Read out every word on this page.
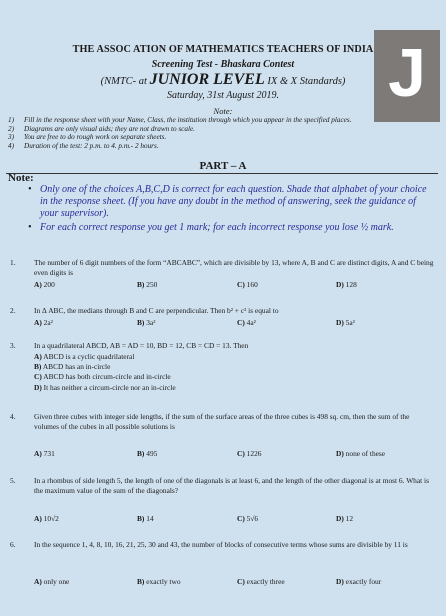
J
THE ASSOC ATION OF MATHEMATICS TEACHERS OF INDIA
Screening Test - Bhaskara Contest
(NMTC- at JUNIOR LEVEL IX & X Standards)
Saturday, 31st August 2019.
Note:
1)	Fill in the response sheet with your Name, Class, the institution through which you appear in the specified places.
2)	Diagrams are only visual aids; they are not drawn to scale.
3)	You are free to do rough work on separate sheets.
4)	Duration of the test: 2 p.m. to 4. p.m.- 2 hours.
PART – A
Note:
• Only one of the choices A,B,C,D is correct for each question. Shade that alphabet of your choice in the response sheet. (If you have any doubt in the method of answering, seek the guidance of your supervisor).
• For each correct response you get 1 mark; for each incorrect response you lose ½ mark.
1. The number of 6 digit numbers of the form “ABCABC”, which are divisible by 13, where A, B and C are distinct digits, A and C being even digits is
A) 200	B) 250	C) 160	D) 128
2. In Δ ABC, the medians through B and C are perpendicular. Then b² + c² is equal to
A) 2a²	B) 3a²	C) 4a²	D) 5a²
3. In a quadrilateral ABCD, AB = AD = 10, BD = 12, CB = CD = 13. Then
A) ABCD is a cyclic quadrilateral
B) ABCD has an in-circle
C) ABCD has both circum-circle and in-circle
D) It has neither a circum-circle nor an in-circle
4. Given three cubes with integer side lengths, if the sum of the surface areas of the three cubes is 498 sq. cm, then the sum of the volumes of the cubes in all possible solutions is
A) 731	B) 495	C) 1226	D) none of these
5. In a rhombus of side length 5, the length of one of the diagonals is at least 6, and the length of the other diagonal is at most 6. What is the maximum value of the sum of the diagonals?
A) 10√2	B) 14	C) 5√6	D) 12
6. In the sequence 1, 4, 8, 10, 16, 21, 25, 30 and 43, the number of blocks of consecutive terms whose sums are divisible by 11 is
A) only one	B) exactly two	C) exactly three	D) exactly four
